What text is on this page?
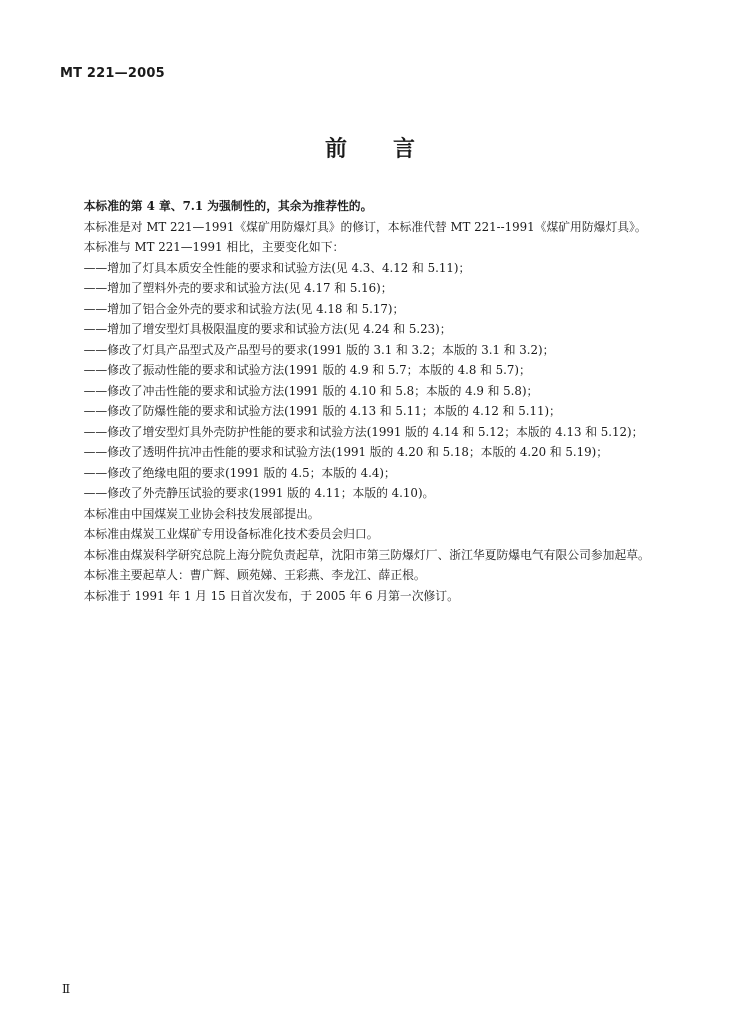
MT 221—2005
前 言

本标准的第 4 章、7.1 为强制性的，其余为推荐性的。

本标准是对 MT 221—1991《煤矿用防爆灯具》的修订，本标准代替 MT 221--1991《煤矿用防爆灯具》。

本标准与 MT 221—1991 相比，主要变化如下：

——增加了灯具本质安全性能的要求和试验方法(见 4.3、4.12 和 5.11)；

——增加了塑料外壳的要求和试验方法(见 4.17 和 5.16)；

——增加了铝合金外壳的要求和试验方法(见 4.18 和 5.17)；

——增加了增安型灯具极限温度的要求和试验方法(见 4.24 和 5.23)；

——修改了灯具产品型式及产品型号的要求(1991 版的 3.1 和 3.2；本版的 3.1 和 3.2)；

——修改了振动性能的要求和试验方法(1991 版的 4.9 和 5.7；本版的 4.8 和 5.7)；

——修改了冲击性能的要求和试验方法(1991 版的 4.10 和 5.8；本版的 4.9 和 5.8)；

——修改了防爆性能的要求和试验方法(1991 版的 4.13 和 5.11；本版的 4.12 和 5.11)；

——修改了增安型灯具外壳防护性能的要求和试验方法(1991 版的 4.14 和 5.12；本版的 4.13 和 5.12)；

——修改了透明件抗冲击性能的要求和试验方法(1991 版的 4.20 和 5.18；本版的 4.20 和 5.19)；

——修改了绝缘电阻的要求(1991 版的 4.5；本版的 4.4)；

——修改了外壳静压试验的要求(1991 版的 4.11；本版的 4.10)。

本标准由中国煤炭工业协会科技发展部提出。

本标准由煤炭工业煤矿专用设备标准化技术委员会归口。

本标准由煤炭科学研究总院上海分院负责起草，沈阳市第三防爆灯厂、浙江华夏防爆电气有限公司参加起草。

本标准主要起草人：曹广辉、顾苑娣、王彩燕、李龙江、薛正根。

本标准于 1991 年 1 月 15 日首次发布，于 2005 年 6 月第一次修订。

Ⅱ
